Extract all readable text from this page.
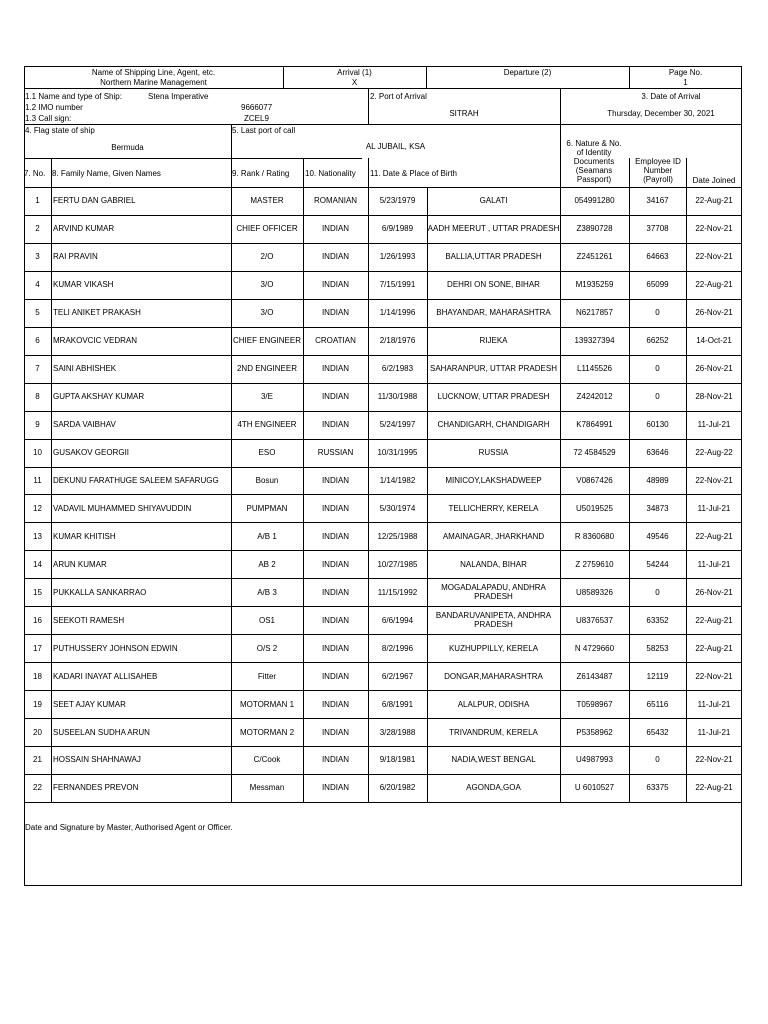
Name of Shipping Line, Agent, etc.
Northern Marine Management
Arrival (1)
X
Departure (2)	Page No.
1
1.1 Name and type of Ship:	Stena Imperative
1.2 IMO number	9666077
1.3 Call sign:	ZCEL9
2. Port of Arrival
SITRAH
3. Date of Arrival
Thursday, December 30, 2021
4. Flag state of ship
Bermuda
5. Last port of call
AL JUBAIL, KSA	6. Nature & No. of Identity Documents (Seamans Passport)
7. No. 8. Family Name, Given Names	9. Rank / Rating 10. Nationality 11. Date & Place of Birth
Employee ID Number (Payroll)	Date Joined
1	FERTU DAN GABRIEL	MASTER	ROMANIAN	5/23/1979	GALATI	054991280	34167	22-Aug-21
2	ARVIND KUMAR	CHIEF OFFICER	INDIAN	6/9/1989	AADH MEERUT , UTTAR PRADESH	Z3890728	37708	22-Nov-21
3	RAI PRAVIN	2/O	INDIAN	1/26/1993	BALLIA,UTTAR PRADESH	Z2451261	64663	22-Nov-21
4	KUMAR VIKASH	3/O	INDIAN	7/15/1991	DEHRI ON SONE, BIHAR	M1935259	65099	22-Aug-21
5	TELI ANIKET PRAKASH	3/O	INDIAN	1/14/1996	BHAYANDAR, MAHARASHTRA	N6217857	0	26-Nov-21
6	MRAKOVCIC VEDRAN	CHIEF ENGINEER	CROATIAN	2/18/1976	RIJEKA	139327394	66252	14-Oct-21
7	SAINI ABHISHEK	2ND ENGINEER	INDIAN	6/2/1983	SAHARANPUR, UTTAR PRADESH	L1145526	0	26-Nov-21
8	GUPTA AKSHAY KUMAR	3/E	INDIAN	11/30/1988	LUCKNOW, UTTAR PRADESH	Z4242012	0	28-Nov-21
9	SARDA VAIBHAV	4TH ENGINEER	INDIAN	5/24/1997	CHANDIGARH, CHANDIGARH	K7864991	60130	11-Jul-21
10	GUSAKOV GEORGII	ESO	RUSSIAN	10/31/1995	RUSSIA	72 4584529	63646	22-Aug-22
11	DEKUNU FARATHUGE SALEEM SAFARUGG	Bosun	INDIAN	1/14/1982	MINICOY,LAKSHADWEEP	V0867426	48989	22-Nov-21
12	VADAVIL MUHAMMED SHIYAVUDDIN	PUMPMAN	INDIAN	5/30/1974	TELLICHERRY, KERELA	U5019525	34873	11-Jul-21
13	KUMAR KHITISH	A/B 1	INDIAN	12/25/1988	AMAINAGAR, JHARKHAND	R 8360680	49546	22-Aug-21
14	ARUN KUMAR	AB 2	INDIAN	10/27/1985	NALANDA, BIHAR	Z 2759610	54244	11-Jul-21
15	PUKKALLA SANKARRAO	A/B 3	INDIAN	11/15/1992	MOGADALAPADU, ANDHRA PRADESH	U8589326	0	26-Nov-21
16	SEEKOTI RAMESH	OS1	INDIAN	6/6/1994	BANDARUVANIPETA, ANDHRA PRADESH	U8376537	63352	22-Aug-21
17	PUTHUSSERY JOHNSON EDWIN	O/S 2	INDIAN	8/2/1996	KUZHUPPILLY, KERELA	N 4729660	58253	22-Aug-21
18	KADARI INAYAT ALLISAHEB	Fitter	INDIAN	6/2/1967	DONGAR,MAHARASHTRA	Z6143487	12119	22-Nov-21
19	SEET AJAY KUMAR	MOTORMAN 1	INDIAN	6/8/1991	ALALPUR, ODISHA	T0598967	65116	11-Jul-21
20	SUSEELAN SUDHA ARUN	MOTORMAN 2	INDIAN	3/28/1988	TRIVANDRUM, KERELA	P5358962	65432	11-Jul-21
21	HOSSAIN SHAHNAWAJ	C/Cook	INDIAN	9/18/1981	NADIA,WEST BENGAL	U4987993	0	22-Nov-21
22	FERNANDES PREVON	Messman	INDIAN	6/20/1982	AGONDA,GOA	U 6010527	63375	22-Aug-21
Date and Signature by Master, Authorised Agent or Officer.
